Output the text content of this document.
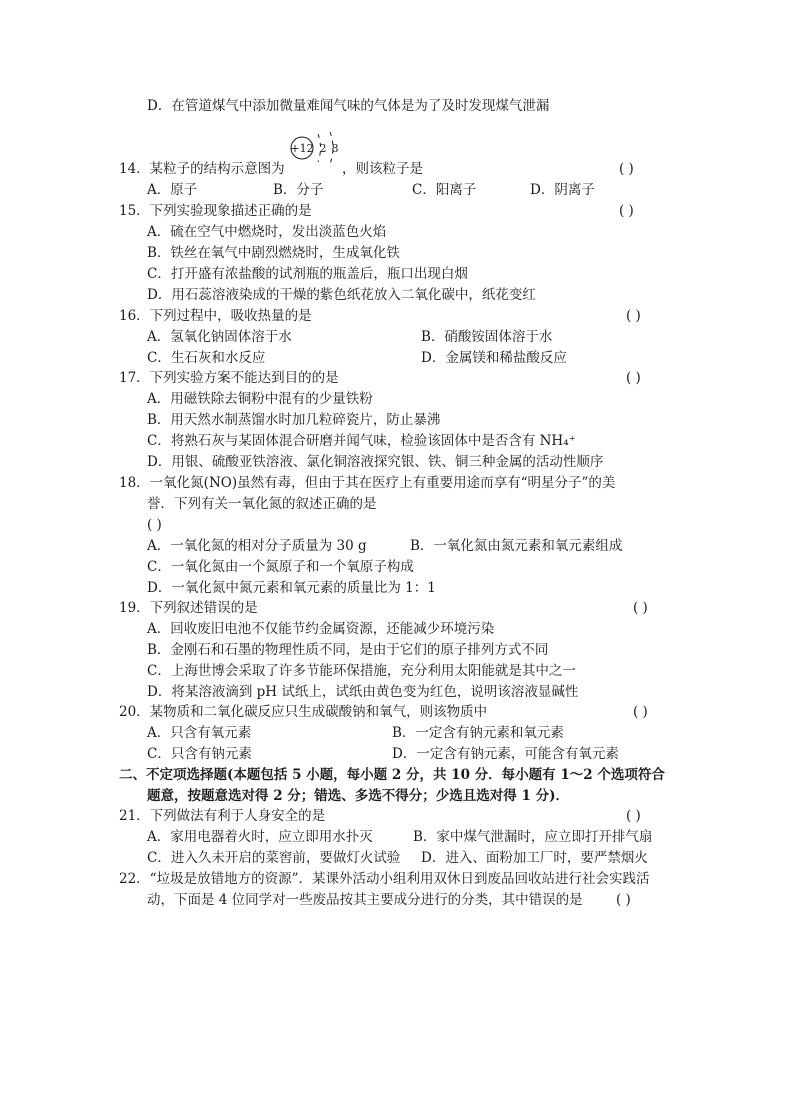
D．在管道煤气中添加微量难闻气味的气体是为了及时发现煤气泄漏
+12 2 8
14．某粒子的结构示意图为	，则该粒子是	( )
A．原子	B．分子	C．阳离子	D．阴离子
15．下列实验现象描述正确的是	( )
A．硫在空气中燃烧时，发出淡蓝色火焰
B．铁丝在氧气中剧烈燃烧时，生成氧化铁
C．打开盛有浓盐酸的试剂瓶的瓶盖后，瓶口出现白烟
D．用石蕊溶液染成的干燥的紫色纸花放入二氧化碳中，纸花变红
16．下列过程中，吸收热量的是	( )
A．氢氧化钠固体溶于水	B．硝酸铵固体溶于水
C．生石灰和水反应	D．金属镁和稀盐酸反应
17．下列实验方案不能达到目的的是	( )
A．用磁铁除去铜粉中混有的少量铁粉
B．用天然水制蒸馏水时加几粒碎瓷片，防止暴沸
C．将熟石灰与某固体混合研磨并闻气味，检验该固体中是否含有 NH₄⁺
D．用银、硫酸亚铁溶液、氯化铜溶液探究银、铁、铜三种金属的活动性顺序
18．一氧化氮(NO)虽然有毒，但由于其在医疗上有重要用途而享有“明星分子”的美
誉．下列有关一氧化氮的叙述正确的是
( )
A．一氧化氮的相对分子质量为 30 g	B．一氧化氮由氮元素和氧元素组成
C．一氧化氮由一个氮原子和一个氧原子构成
D．一氧化氮中氮元素和氧元素的质量比为 1：1
19．下列叙述错误的是	( )
A．回收废旧电池不仅能节约金属资源，还能减少环境污染
B．金刚石和石墨的物理性质不同，是由于它们的原子排列方式不同
C．上海世博会采取了许多节能环保措施，充分利用太阳能就是其中之一
D．将某溶液滴到 pH 试纸上，试纸由黄色变为红色，说明该溶液显碱性
20．某物质和二氧化碳反应只生成碳酸钠和氧气，则该物质中	( )
A．只含有氧元素	B．一定含有钠元素和氧元素
C．只含有钠元素	D．一定含有钠元素，可能含有氧元素
二、不定项选择题(本题包括 5 小题，每小题 2 分，共 10 分．每小题有 1～2 个选项符合
题意，按题意选对得 2 分；错选、多选不得分；少选且选对得 1 分)．
21．下列做法有利于人身安全的是	( )
A．家用电器着火时，应立即用水扑灭	B．家中煤气泄漏时，应立即打开排气扇
C．进入久未开启的菜窖前，要做灯火试验 D．进入、面粉加工厂时，要严禁烟火
22．“垃圾是放错地方的资源”．某课外活动小组利用双休日到废品回收站进行社会实践活
动，下面是 4 位同学对一些废品按其主要成分进行的分类，其中错误的是 ( )
